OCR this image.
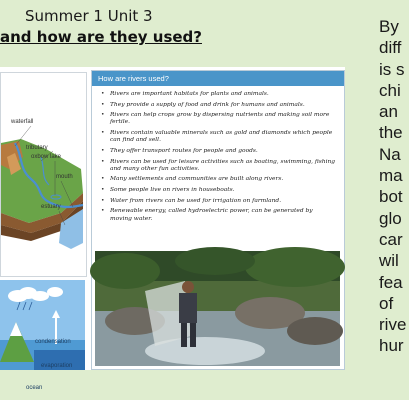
Summer 1 Unit 3
and how are they used?
waterfall
tributary
oxbow lake
mouth
estuary
condensation
evaporation
ocean
How are rivers used?
• Rivers are important habitats for plants and animals.
• They provide a supply of food and drink for humans and animals.
• Rivers can help crops grow by dispersing nutrients and making soil more fertile.
• Rivers contain valuable minerals such as gold and diamonds which people can find and sell.
• They offer transport routes for people and goods.
• Rivers can be used for leisure activities such as boating, swimming, fishing and many other fun activities.
• Many settlements and communities are built along rivers.
• Some people live on rivers in houseboats.
• Water from rivers can be used for irrigation on farmland.
• Renewable energy, called hydroelectric power, can be generated by moving water.
By
diff
is s
chi
an
the
Na
ma
bot
glo
car
wil
fea
of
rive
hur
